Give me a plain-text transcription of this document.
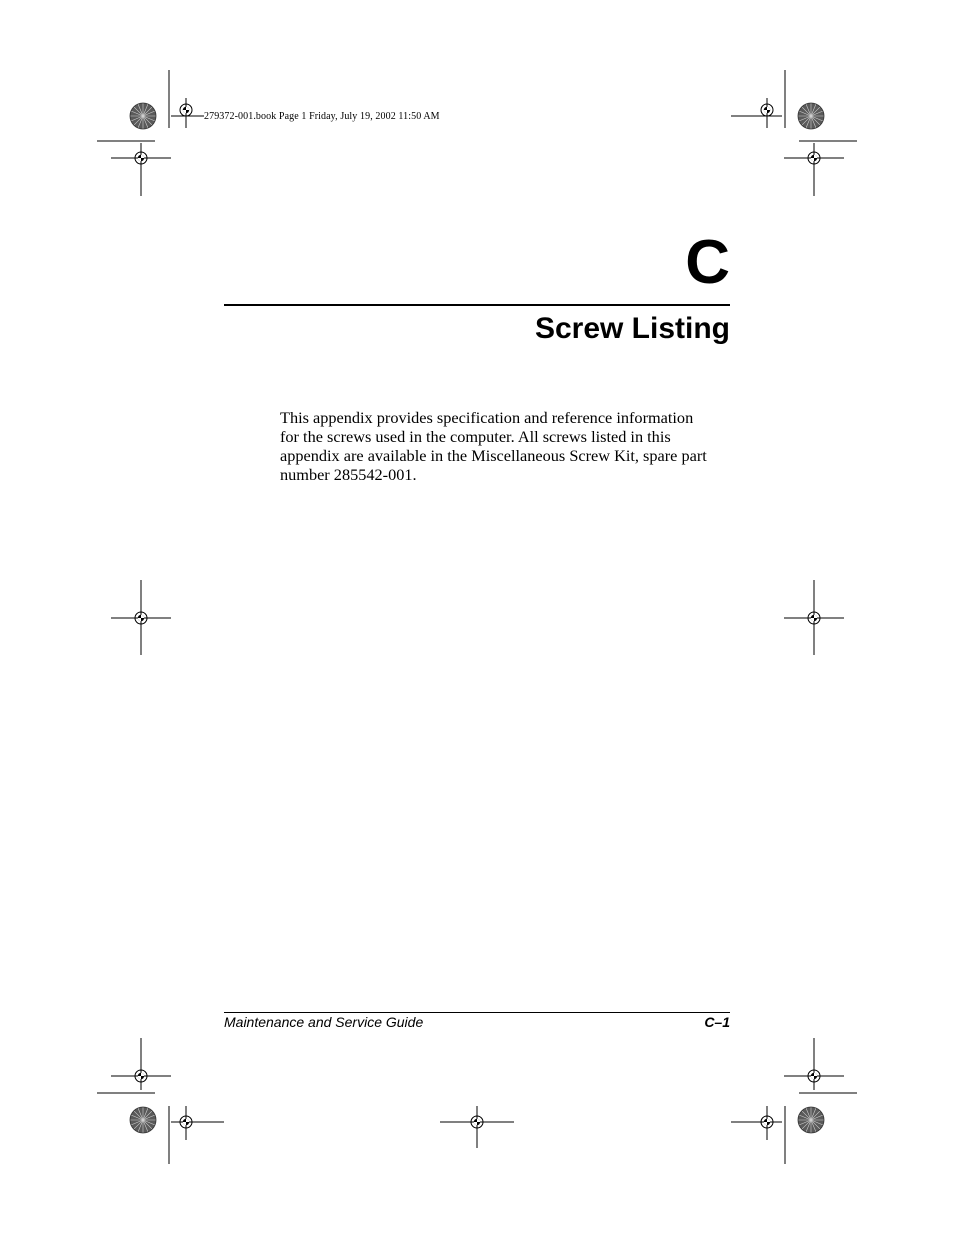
279372-001.book Page 1 Friday, July 19, 2002 11:50 AM
C
Screw Listing
This appendix provides specification and reference information
for the screws used in the computer. All screws listed in this
appendix are available in the Miscellaneous Screw Kit, spare part
number 285542-001.
Maintenance and Service Guide	C–1
